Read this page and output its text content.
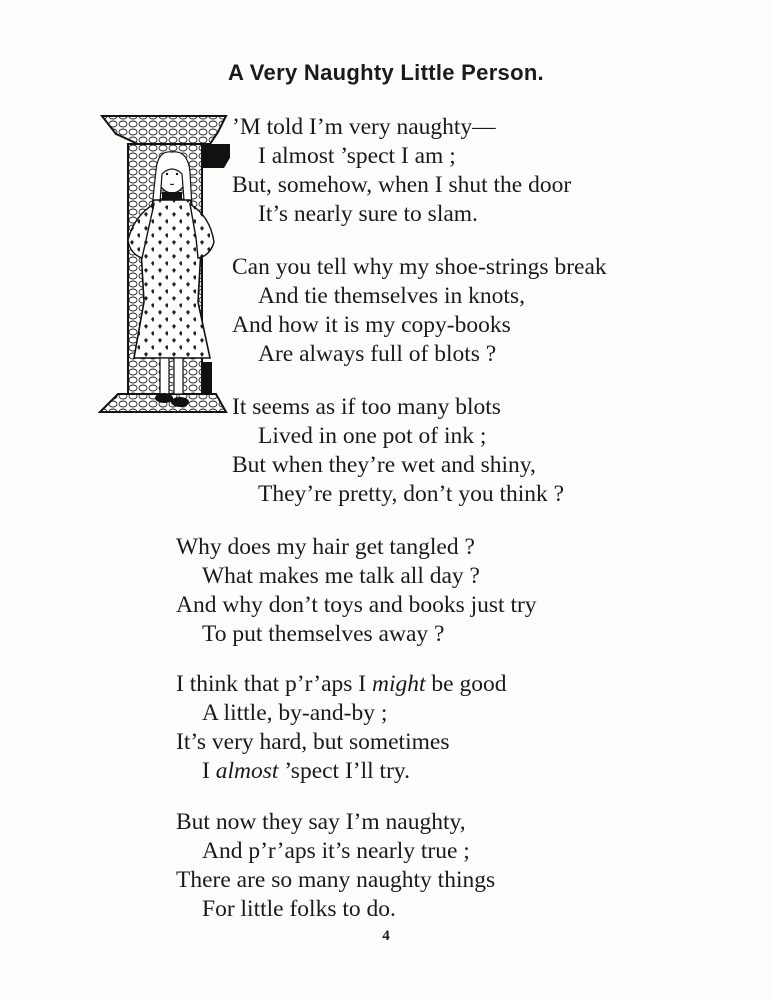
A Very Naughty Little Person.
’M told I’m very naughty—
I almost ’spect I am ;
But, somehow, when I shut the door
It’s nearly sure to slam.
Can you tell why my shoe-strings break
And tie themselves in knots,
And how it is my copy-books
Are always full of blots ?
It seems as if too many blots
Lived in one pot of ink ;
But when they’re wet and shiny,
They’re pretty, don’t you think ?
Why does my hair get tangled ?
What makes me talk all day ?
And why don’t toys and books just try
To put themselves away ?
I think that p’r’aps I might be good
A little, by-and-by ;
It’s very hard, but sometimes
I almost ’spect I’ll try.
But now they say I’m naughty,
And p’r’aps it’s nearly true ;
There are so many naughty things
For little folks to do.
4
